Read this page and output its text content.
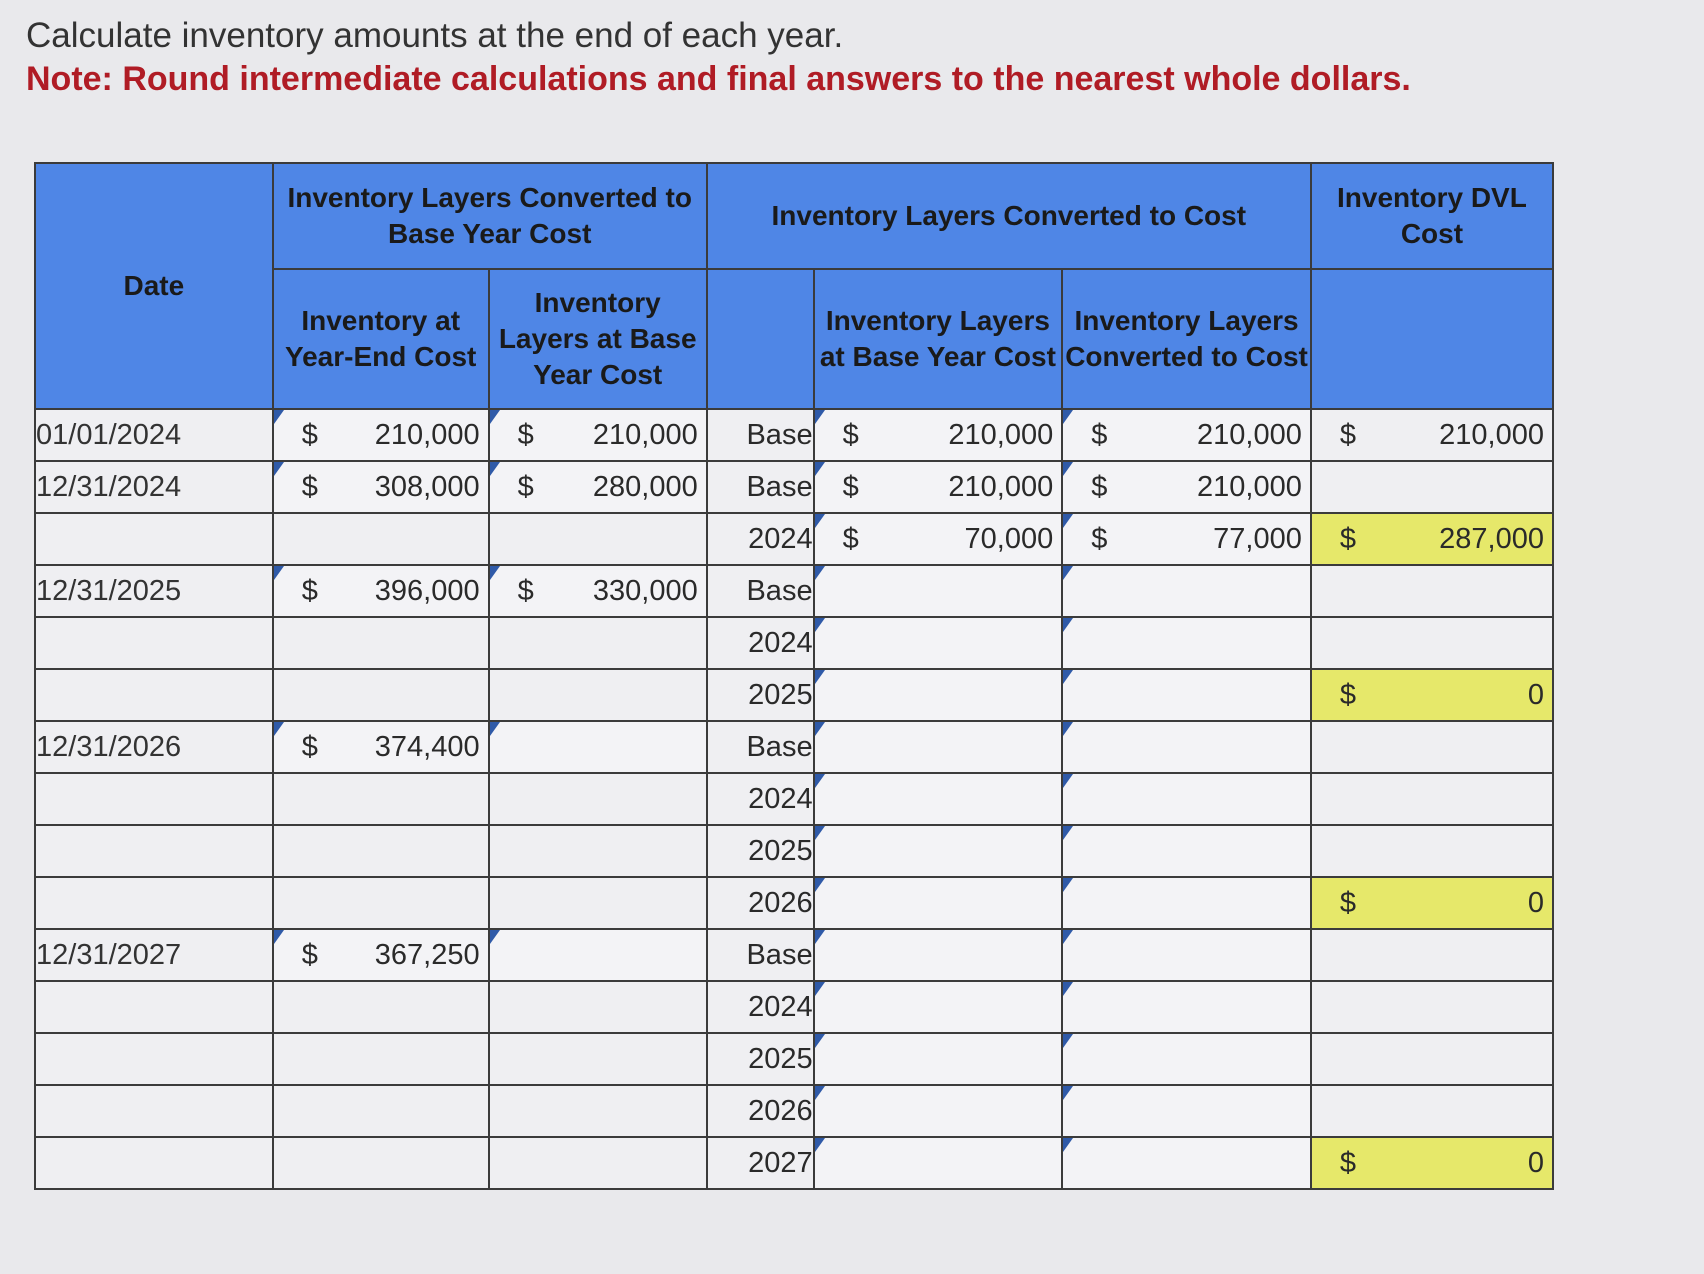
Calculate inventory amounts at the end of each year.
Note: Round intermediate calculations and final answers to the nearest whole dollars.
Date	Inventory Layers Converted to Base Year Cost		Inventory Layers Converted to Cost			Inventory DVL Cost
	Inventory at Year-End Cost	Inventory Layers at Base Year Cost		Inventory Layers at Base Year Cost	Inventory Layers Converted to Cost	
01/01/2024	$ 210,000	$ 210,000	Base	$ 210,000	$ 210,000	$ 210,000

12/31/2024	$ 308,000	$ 280,000	Base	$ 210,000	$ 210,000	

			2024	$ 70,000	$ 77,000	$ 287,000

12/31/2025	$ 396,000	$ 330,000	Base			
			2024			
			2025			$ 0

12/31/2026	$ 374,400		Base			
			2024			
			2025			
			2026			$ 0

12/31/2027	$ 367,250		Base			
			2024			
			2025			
			2026			
			2027			$ 0
